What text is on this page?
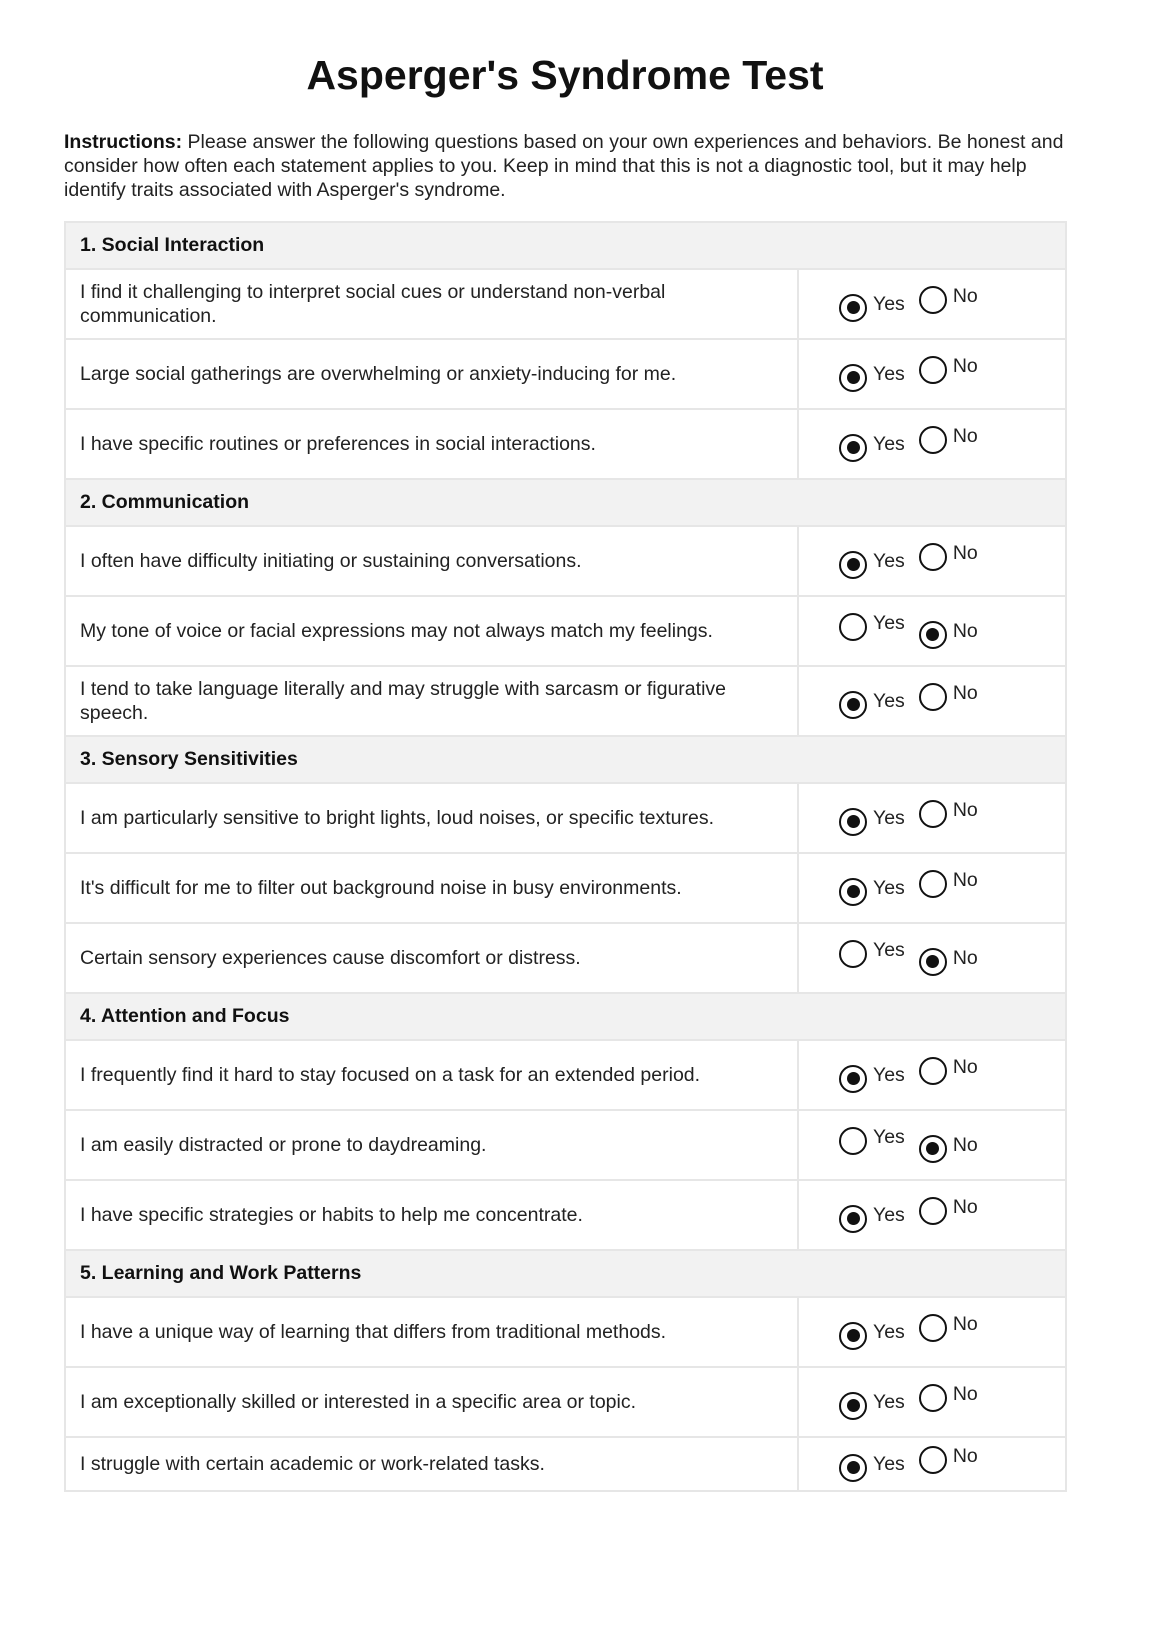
Asperger's Syndrome Test
Instructions: Please answer the following questions based on your own experiences and behaviors. Be honest and consider how often each statement applies to you. Keep in mind that this is not a diagnostic tool, but it may help identify traits associated with Asperger's syndrome.
1. Social Interaction	
I find it challenging to interpret social cues or understand non-verbal communication.	Yes No

Large social gatherings are overwhelming or anxiety-inducing for me.	Yes No

I have specific routines or preferences in social interactions.	Yes No

2. Communication	
I often have difficulty initiating or sustaining conversations.	Yes No

My tone of voice or facial expressions may not always match my feelings.	Yes No

I tend to take language literally and may struggle with sarcasm or figurative speech.	Yes No

3. Sensory Sensitivities	
I am particularly sensitive to bright lights, loud noises, or specific textures.	Yes No

It's difficult for me to filter out background noise in busy environments.	Yes No

Certain sensory experiences cause discomfort or distress.	Yes No

4. Attention and Focus	
I frequently find it hard to stay focused on a task for an extended period.	Yes No

I am easily distracted or prone to daydreaming.	Yes No

I have specific strategies or habits to help me concentrate.	Yes No

5. Learning and Work Patterns	
I have a unique way of learning that differs from traditional methods.	Yes No

I am exceptionally skilled or interested in a specific area or topic.	Yes No

I struggle with certain academic or work-related tasks.	Yes No
